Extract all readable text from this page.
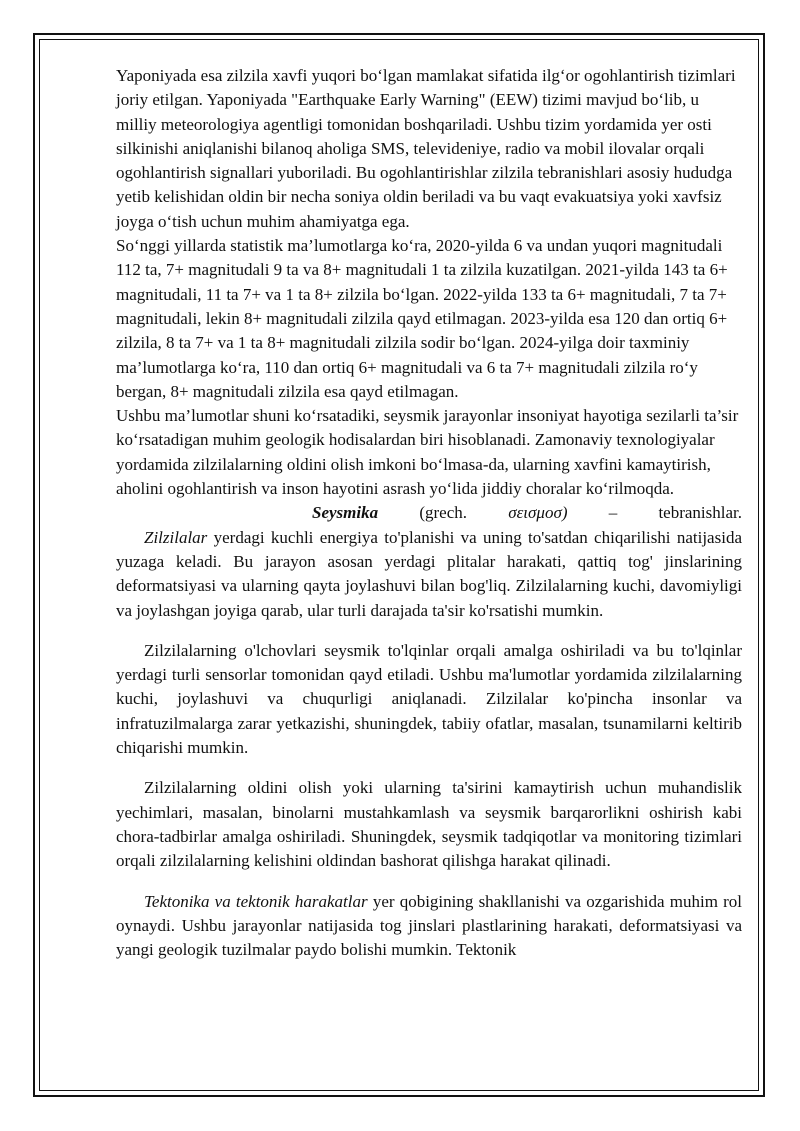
Yaponiyada esa zilzila xavfi yuqori bo‘lgan mamlakat sifatida ilg‘or ogohlantirish tizimlari joriy etilgan. Yaponiyada "Earthquake Early Warning" (EEW) tizimi mavjud bo‘lib, u milliy meteorologiya agentligi tomonidan boshqariladi. Ushbu tizim yordamida yer osti silkinishi aniqlanishi bilanoq aholiga SMS, televideniye, radio va mobil ilovalar orqali ogohlantirish signallari yuboriladi. Bu ogohlantirishlar zilzila tebranishlari asosiy hududga yetib kelishidan oldin bir necha soniya oldin beriladi va bu vaqt evakuatsiya yoki xavfsiz joyga o‘tish uchun muhim ahamiyatga ega.

So‘nggi yillarda statistik ma’lumotlarga ko‘ra, 2020-yilda 6 va undan yuqori magnitudali 112 ta, 7+ magnitudali 9 ta va 8+ magnitudali 1 ta zilzila kuzatilgan. 2021-yilda 143 ta 6+ magnitudali, 11 ta 7+ va 1 ta 8+ zilzila bo‘lgan. 2022-yilda 133 ta 6+ magnitudali, 7 ta 7+ magnitudali, lekin 8+ magnitudali zilzila qayd etilmagan. 2023-yilda esa 120 dan ortiq 6+ zilzila, 8 ta 7+ va 1 ta 8+ magnitudali zilzila sodir bo‘lgan. 2024-yilga doir taxminiy ma’lumotlarga ko‘ra, 110 dan ortiq 6+ magnitudali va 6 ta 7+ magnitudali zilzila ro‘y bergan, 8+ magnitudali zilzila esa qayd etilmagan.

Ushbu ma’lumotlar shuni ko‘rsatadiki, seysmik jarayonlar insoniyat hayotiga sezilarli ta’sir ko‘rsatadigan muhim geologik hodisalardan biri hisoblanadi. Zamonaviy texnologiyalar yordamida zilzilalarning oldini olish imkoni bo‘lmasa-da, ularning xavfini kamaytirish, aholini ogohlantirish va inson hayotini asrash yo‘lida jiddiy choralar ko‘rilmoqda.

Seysmika (grech. σεισμοσ) – tebranishlar.

Zilzilalar yerdagi kuchli energiya to'planishi va uning to'satdan chiqarilishi natijasida yuzaga keladi. Bu jarayon asosan yerdagi plitalar harakati, qattiq tog' jinslarining deformatsiyasi va ularning qayta joylashuvi bilan bog'liq. Zilzilalarning kuchi, davomiyligi va joylashgan joyiga qarab, ular turli darajada ta'sir ko'rsatishi mumkin.

Zilzilalarning o'lchovlari seysmik to'lqinlar orqali amalga oshiriladi va bu to'lqinlar yerdagi turli sensorlar tomonidan qayd etiladi. Ushbu ma'lumotlar yordamida zilzilalarning kuchi, joylashuvi va chuqurligi aniqlanadi. Zilzilalar ko'pincha insonlar va infratuzilmalarga zarar yetkazishi, shuningdek, tabiiy ofatlar, masalan, tsunamilarni keltirib chiqarishi mumkin.

Zilzilalarning oldini olish yoki ularning ta'sirini kamaytirish uchun muhandislik yechimlari, masalan, binolarni mustahkamlash va seysmik barqarorlikni oshirish kabi chora-tadbirlar amalga oshiriladi. Shuningdek, seysmik tadqiqotlar va monitoring tizimlari orqali zilzilalarning kelishini oldindan bashorat qilishga harakat qilinadi.

Tektonika va tektonik harakatlar yer qobigining shakllanishi va ozgarishida muhim rol oynaydi. Ushbu jarayonlar natijasida tog jinslari plastlarining harakati, deformatsiyasi va yangi geologik tuzilmalar paydo bolishi mumkin. Tektonik
